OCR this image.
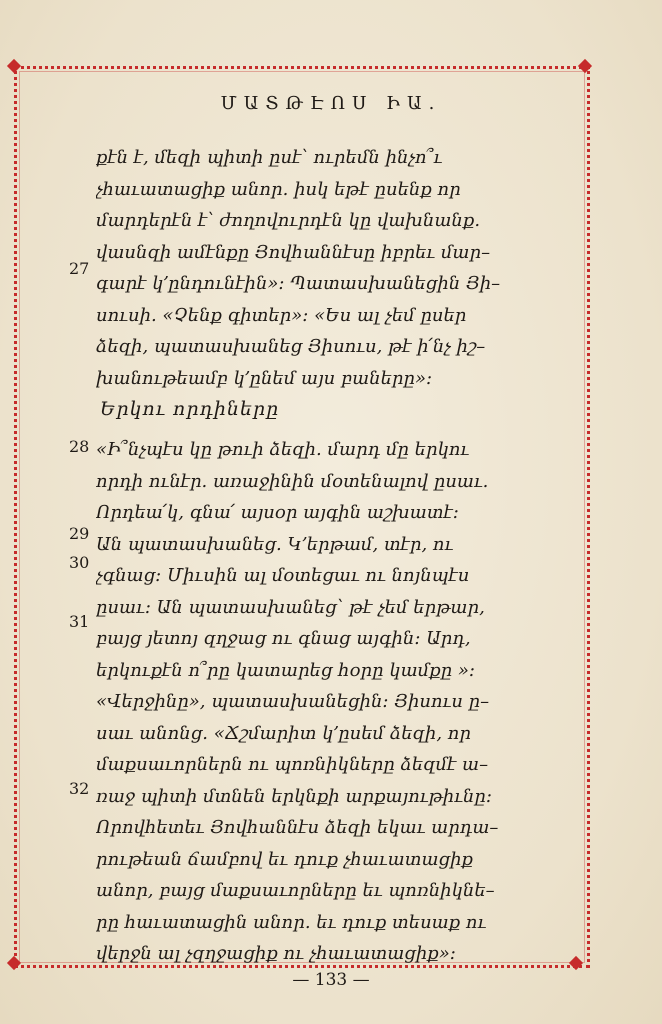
ՄԱՏԹԷՈՍ ԻԱ.
քէն է, մեզի պիտի ըսէ՝ ուրեմն ինչո՞ւ
չհաւատացիք անոր. իսկ եթէ ըսենք որ
մարդերէն է՝ ժողովուրդէն կը վախնանք.
վասնզի ամէնքը Յովհաննէսը իբրեւ մար–
գարէ կ՚ընդունէին»։ Պատասխանեցին Յի–
սուսի. «Չենք գիտեր»։ «Ես ալ չեմ ըսեր
ձեզի, պատասխանեց Յիսուս, թէ ի՛նչ իշ–
խանութեամբ կ՚ընեմ այս բաները»։
Երկու որդիները
«Ի՞նչպէս կը թուի ձեզի. մարդ մը երկու
որդի ունէր. առաջինին մօտենալով ըսաւ.
Որդեա՛կ, գնա՛ այսօր այգին աշխատէ։
Ան պատասխանեց. Կ՚երթամ, տէր, ու
չգնաց։ Միւսին ալ մօտեցաւ ու նոյնպէս
ըսաւ։ Ան պատասխանեց՝ թէ չեմ երթար,
բայց յետոյ զղջաց ու գնաց այգին։ Արդ,
երկուքէն ո՞րը կատարեց հօրը կամքը »։
«Վերջինը», պատասխանեցին։ Յիսուս ը–
սաւ անոնց. «Ճշմարիտ կ՚ըսեմ ձեզի, որ
մաքսաւորներն ու պոռնիկները ձեզմէ ա–
ռաջ պիտի մտնեն երկնքի արքայութիւնը։
Որովհետեւ Յովհաննէս ձեզի եկաւ արդա–
րութեան ճամբով եւ դուք չհաւատացիք
անոր, բայց մաքսաւորները եւ պոռնիկնե–
րը հաւատացին անոր. եւ դուք տեսաք ու
վերջն ալ չզղջացիք ու չհաւատացիք»։
27
28
29
30
31
32
— 133 —
